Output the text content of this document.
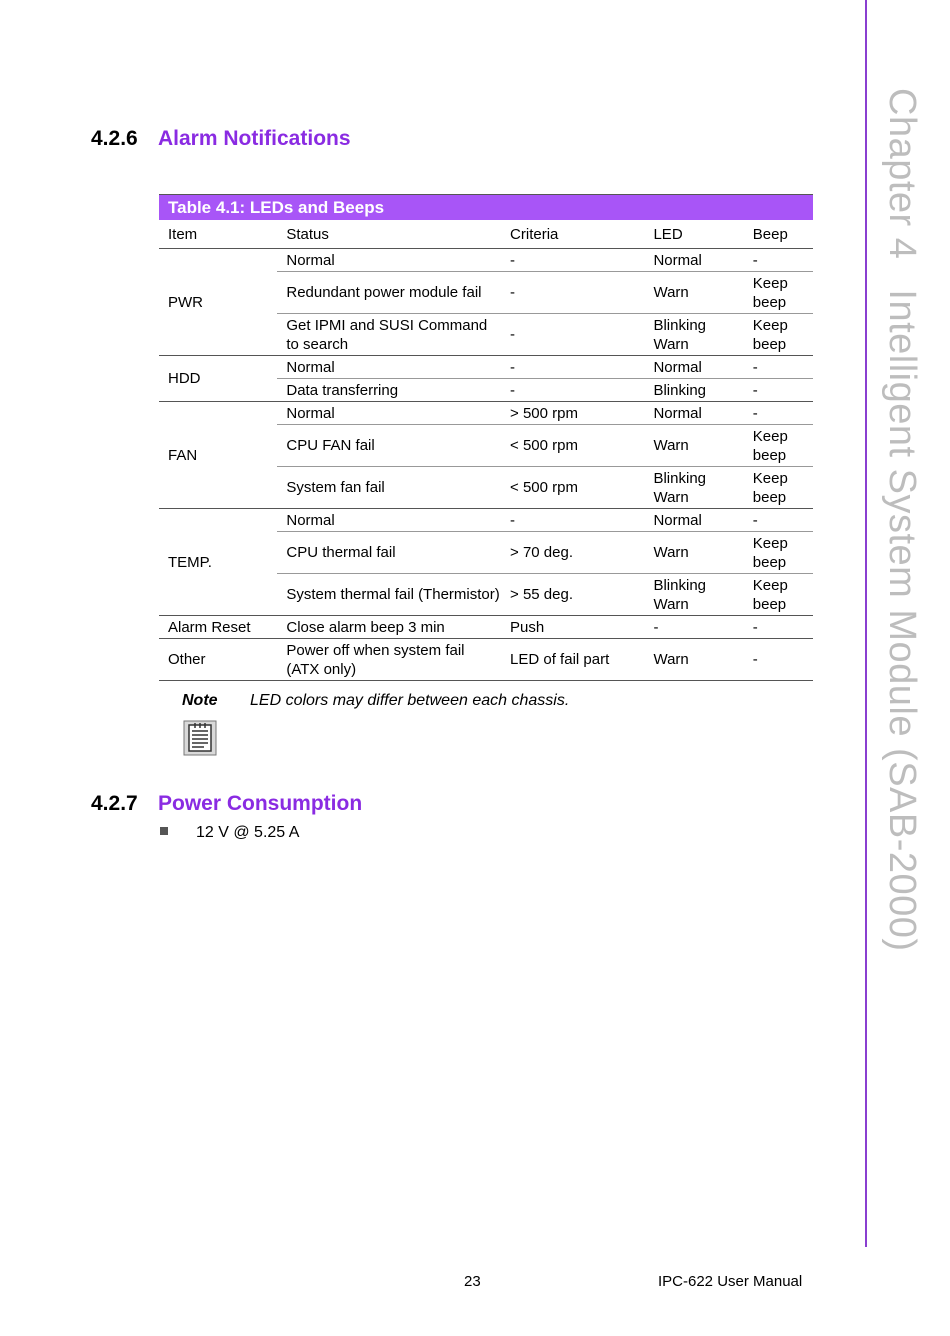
Chapter 4Intelligent System Module (SAB-2000)
4.2.6 Alarm Notifications
Table 4.1: LEDs and Beeps
Item	Status	Criteria	LED	Beep
PWR	Normal	-	Normal	-
	Redundant power module fail	-	Warn	Keep beep
	Get IPMI and SUSI Command to search	-	Blinking Warn	Keep beep
HDD	Normal	-	Normal	-
	Data transferring	-	Blinking	-
FAN	Normal	> 500 rpm	Normal	-
	CPU FAN fail	< 500 rpm	Warn	Keep beep
	System fan fail	< 500 rpm	Blinking Warn	Keep beep
TEMP.	Normal	-	Normal	-
	CPU thermal fail	> 70 deg.	Warn	Keep beep
	System thermal fail (Thermistor)	> 55 deg.	Blinking Warn	Keep beep
Alarm Reset	Close alarm beep 3 min	Push	-	-
Other	Power off when system fail (ATX only)	LED of fail part	Warn	-
Note LED colors may differ between each chassis.
4.2.7 Power Consumption
12 V @ 5.25 A
23	IPC-622 User Manual
